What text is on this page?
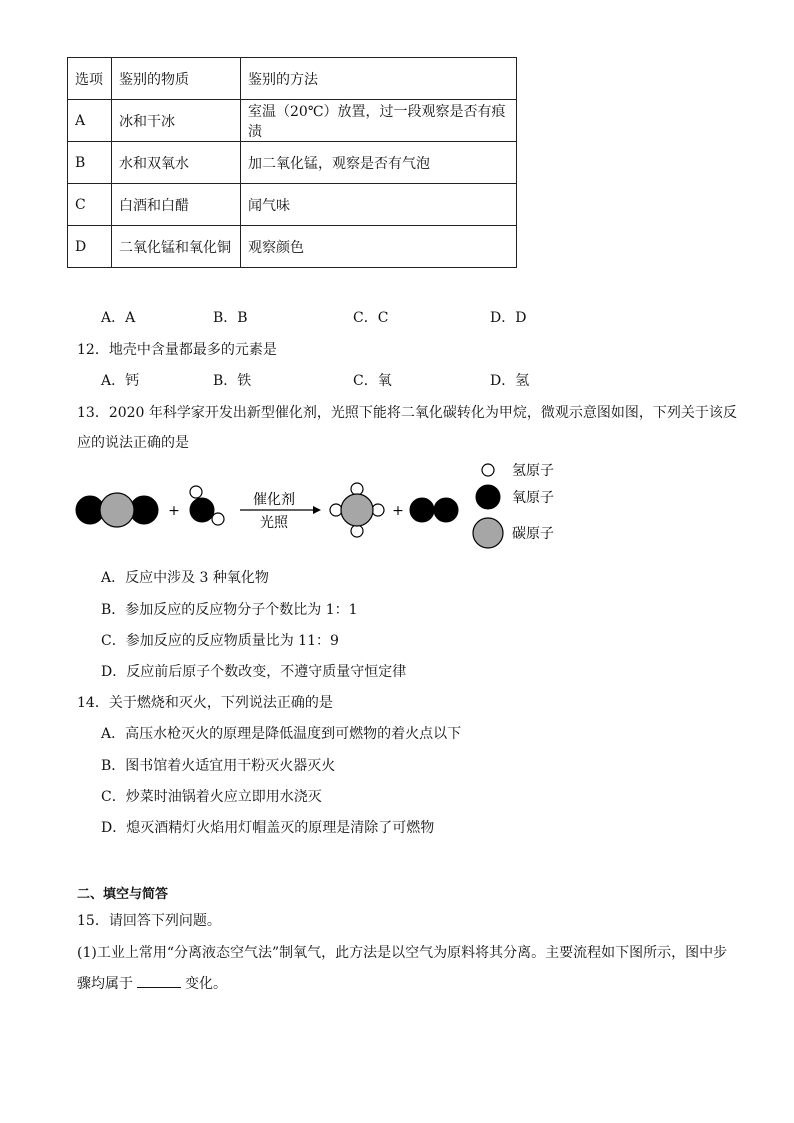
选项	鉴别的物质	鉴别的方法
A	冰和干冰	室温（20℃）放置，过一段观察是否有痕渍
B	水和双氧水	加二氧化锰，观察是否有气泡
C	白酒和白醋	闻气味
D	二氧化锰和氧化铜	观察颜色
A．A	B．B	C．C	D．D
12．地壳中含量都最多的元素是
A．钙	B．铁	C．氧	D．氢
13．2020 年科学家开发出新型催化剂，光照下能将二氧化碳转化为甲烷，微观示意图如图，下列关于该反
应的说法正确的是
+
催化剂
光照
+
氢原子
氧原子
碳原子
A．反应中涉及 3 种氧化物
B．参加反应的反应物分子个数比为 1：1
C．参加反应的反应物质量比为 11：9
D．反应前后原子个数改变，不遵守质量守恒定律
14．关于燃烧和灭火，下列说法正确的是
A．高压水枪灭火的原理是降低温度到可燃物的着火点以下
B．图书馆着火适宜用干粉灭火器灭火
C．炒菜时油锅着火应立即用水浇灭
D．熄灭酒精灯火焰用灯帽盖灭的原理是清除了可燃物
二、填空与简答
15．请回答下列问题。
(1)工业上常用“分离液态空气法”制氧气，此方法是以空气为原料将其分离。主要流程如下图所示，图中步
骤均属于	变化。
